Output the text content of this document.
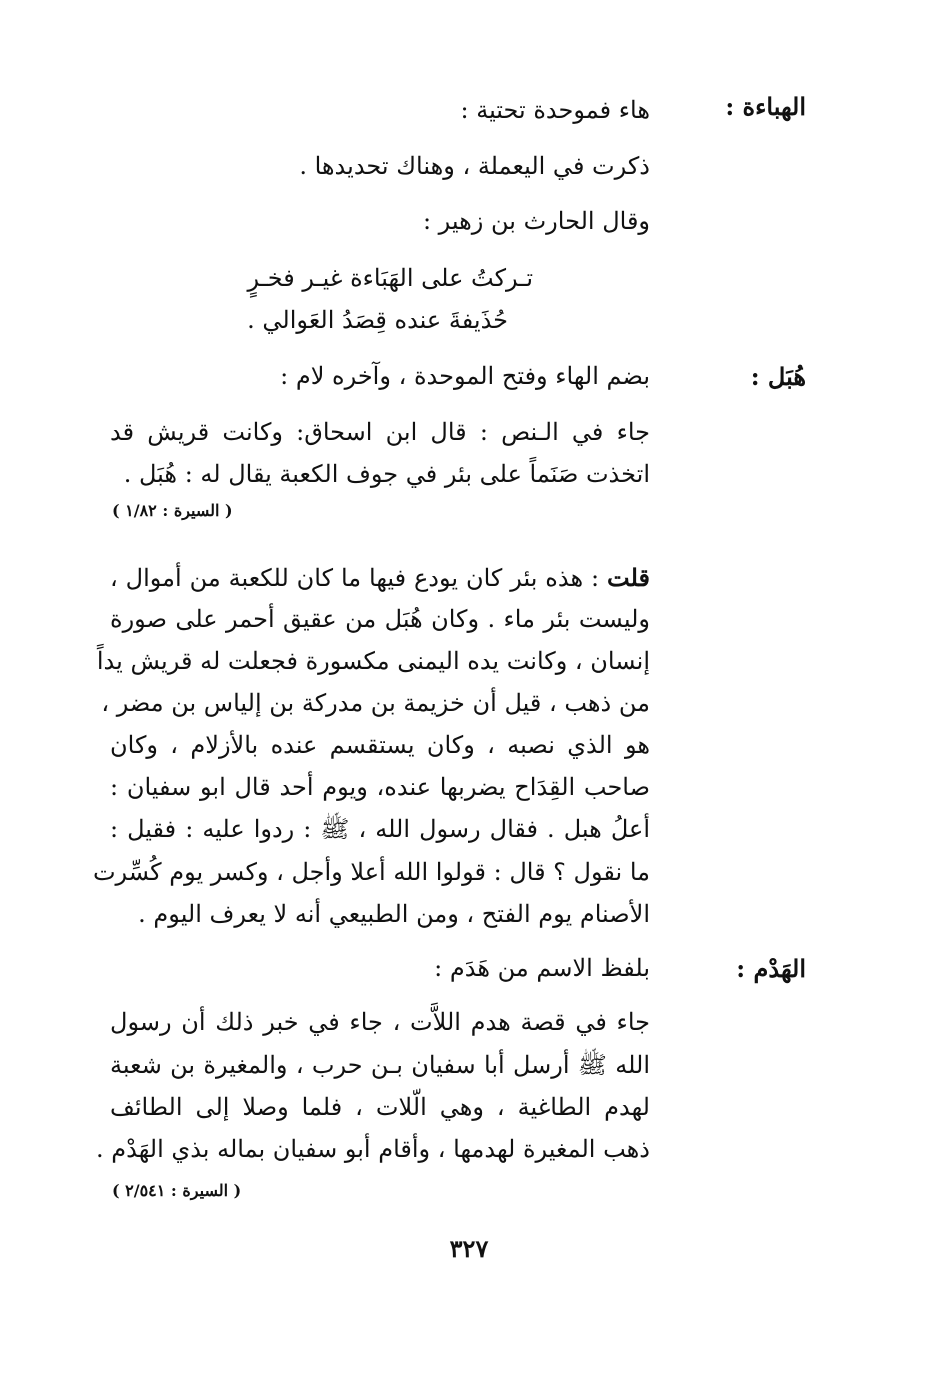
الهباءة :
هاء فموحدة تحتية :
ذكرت في اليعملة ، وهناك تحديدها .
وقال الحارث بن زهير :
تـركتُ على الهَبَاءة غيـر فخـرٍ
حُذَيفةَ عنده قِصَدُ العَوالي .
هُبَل :
بضم الهاء وفتح الموحدة ، وآخره لام :
جاء في الـنص : قال ابن اسحاق: وكانت قريش قد
اتخذت صَنَماً على بئر في جوف الكعبة يقال له : هُبَل .
( السيرة : ١/٨٢ )
قلت : هذه بئر كان يودع فيها ما كان للكعبة من أموال ،
وليست بئر ماء . وكان هُبَل من عقيق أحمر على صورة
إنسان ، وكانت يده اليمنى مكسورة فجعلت له قريش يداً
من ذهب ، قيل أن خزيمة بن مدركة بن إلياس بن مضر ،
هو الذي نصبه ، وكان يستقسم عنده بالأزلام ، وكان
صاحب القِدَاح يضربها عنده، ويوم أحد قال ابو سفيان :
أعلُ هبل . فقال رسول الله ، ﷺ : ردوا عليه : فقيل :
ما نقول ؟ قال : قولوا الله أعلا وأجل ، وكسر يوم كُسِّرت
الأصنام يوم الفتح ، ومن الطبيعي أنه لا يعرف اليوم .
الهَدْم :
بلفظ الاسم من هَدَم :
جاء في قصة هدم اللاَّت ، جاء في خبر ذلك أن رسول
الله ﷺ أرسل أبا سفيان بـن حرب ، والمغيرة بن شعبة
لهدم الطاغية ، وهي الّلات ، فلما وصلا إلى الطائف
ذهب المغيرة لهدمها ، وأقام أبو سفيان بماله بذي الهَدْم .
( السيرة : ٢/٥٤١ )
٣٢٧
